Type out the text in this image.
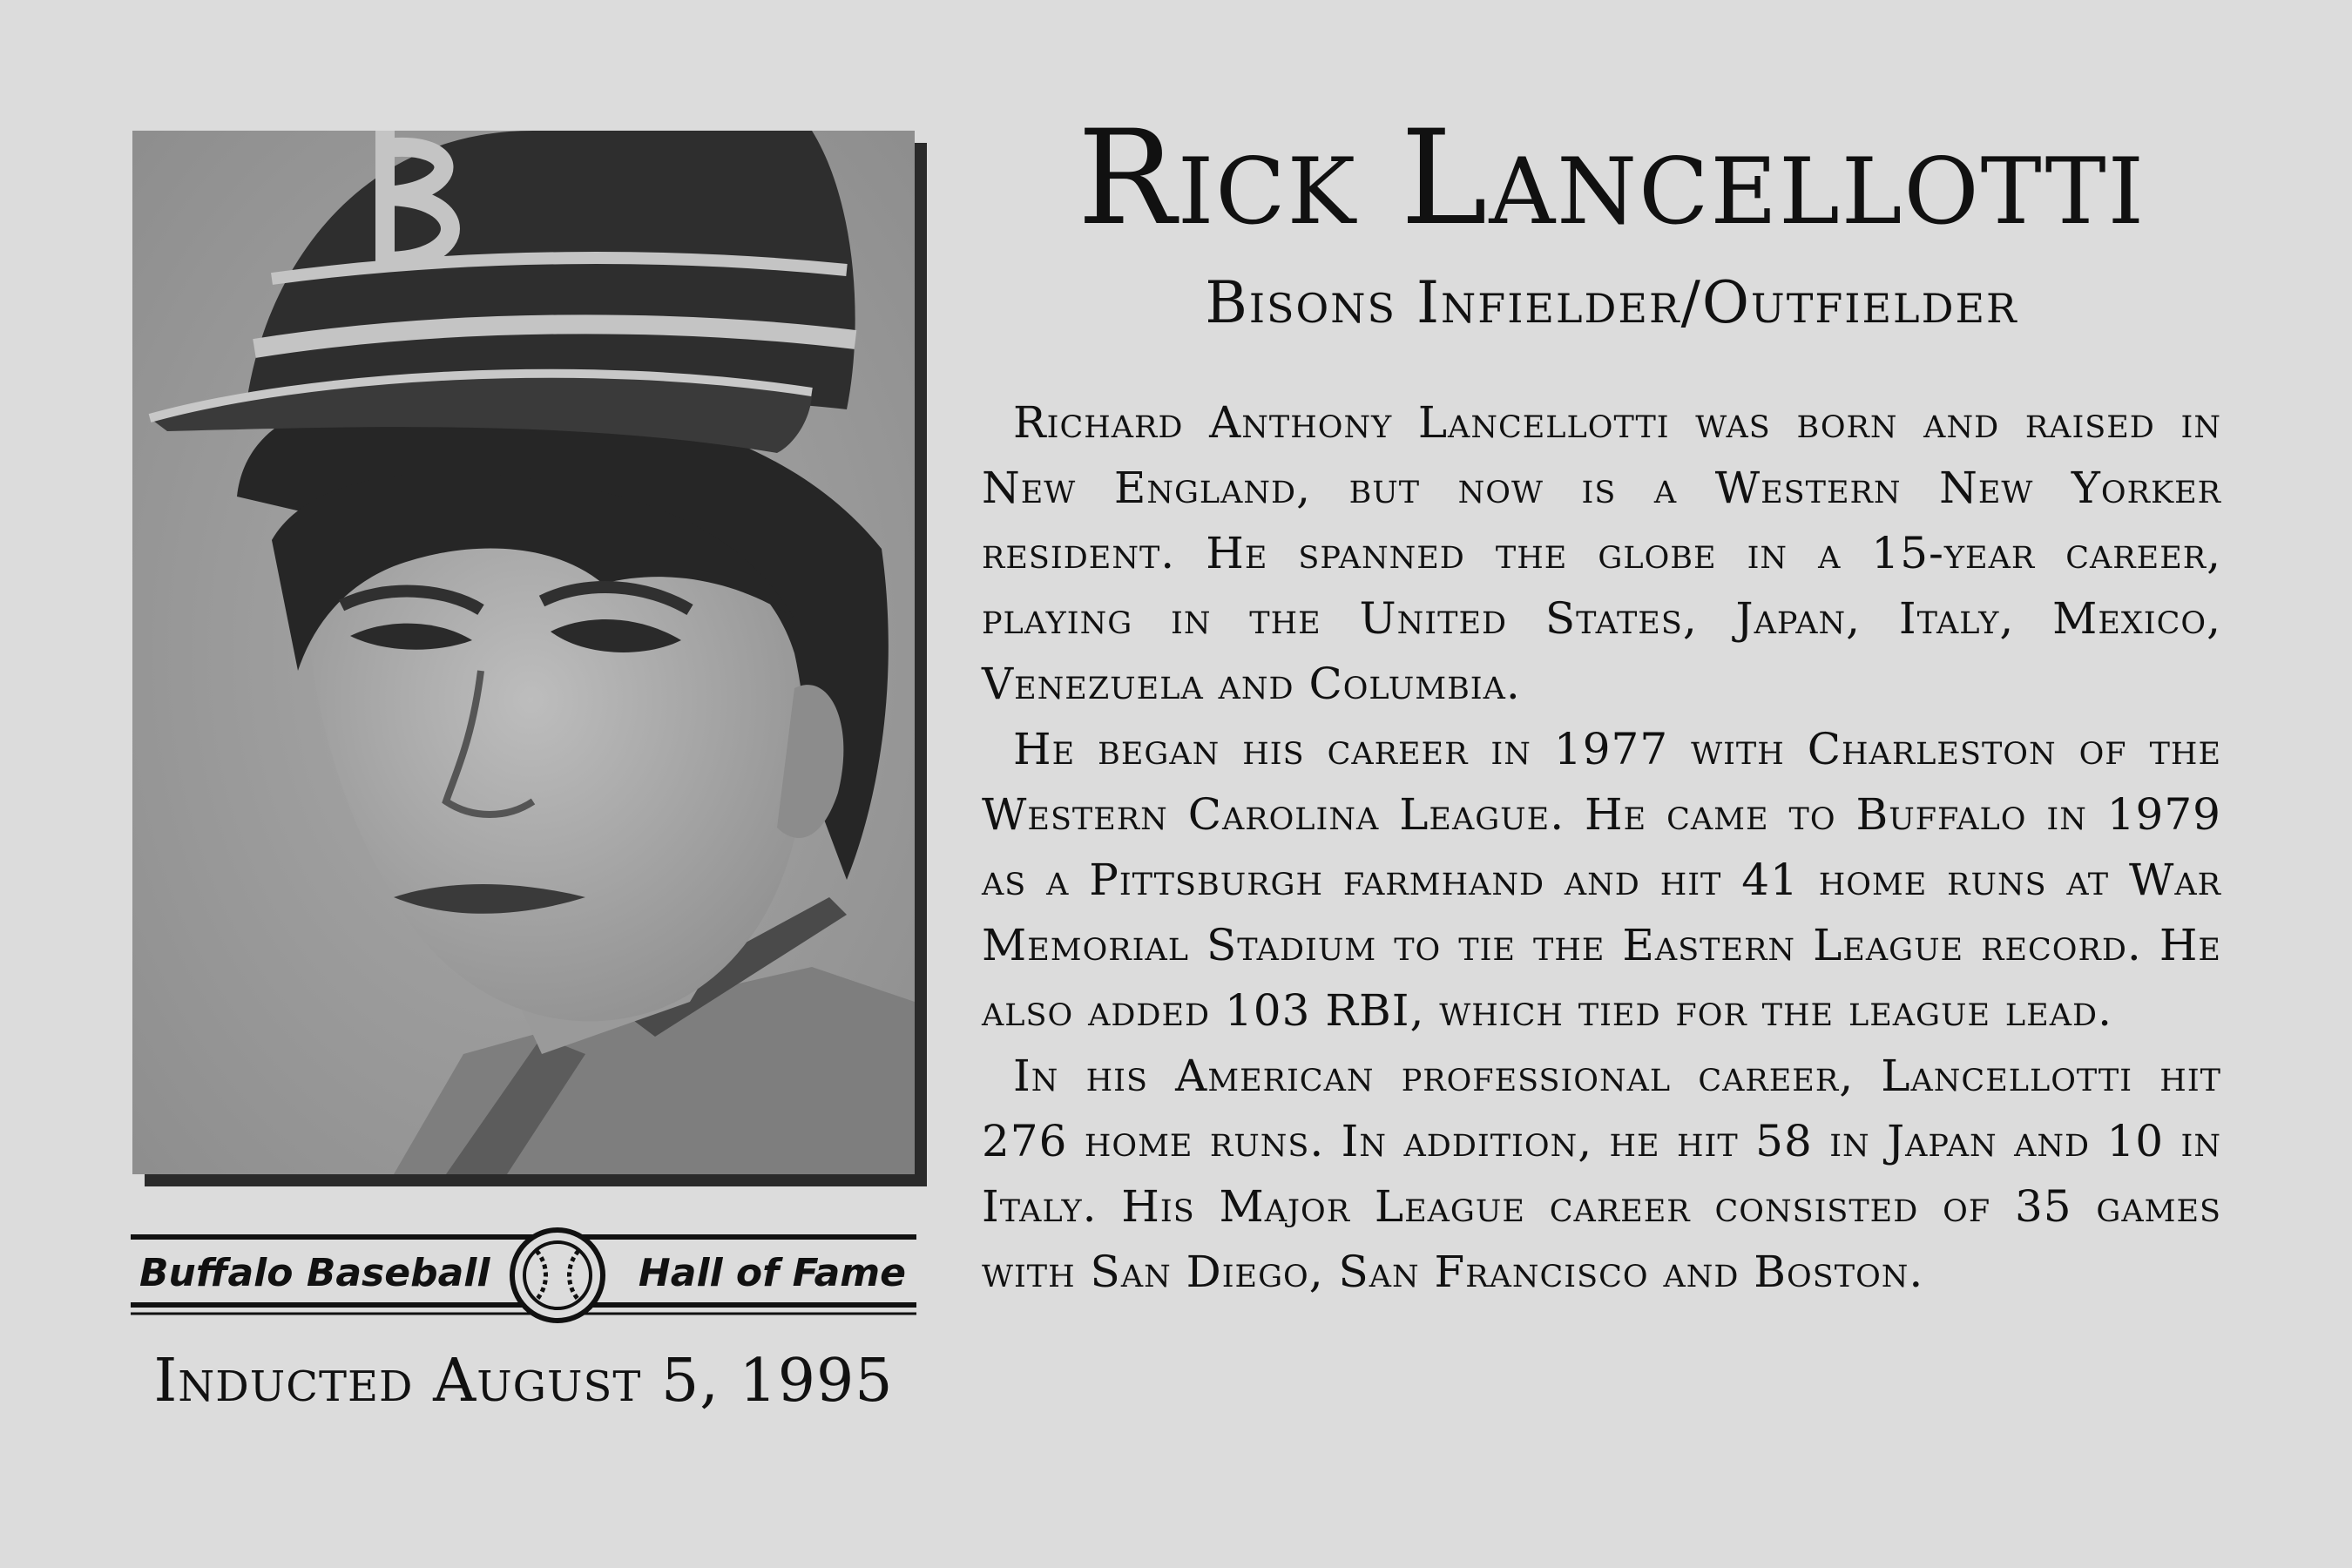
Buffalo Baseball	Hall of Fame
Inducted August 5, 1995
Rick Lancellotti
Bisons Infielder/Outfielder

Richard Anthony Lancellotti was born and raised in New England, but now is a Western New Yorker resident. He spanned the globe in a 15-year career, playing in the United States, Japan, Italy, Mexico, Venezuela and Columbia.

He began his career in 1977 with Charleston of the Western Carolina League. He came to Buffalo in 1979 as a Pittsburgh farmhand and hit 41 home runs at War Memorial Stadium to tie the Eastern League record. He also added 103 RBI, which tied for the league lead.

In his American professional career, Lancellotti hit 276 home runs. In addition, he hit 58 in Japan and 10 in Italy. His Major League career consisted of 35 games with San Diego, San Francisco and Boston.
